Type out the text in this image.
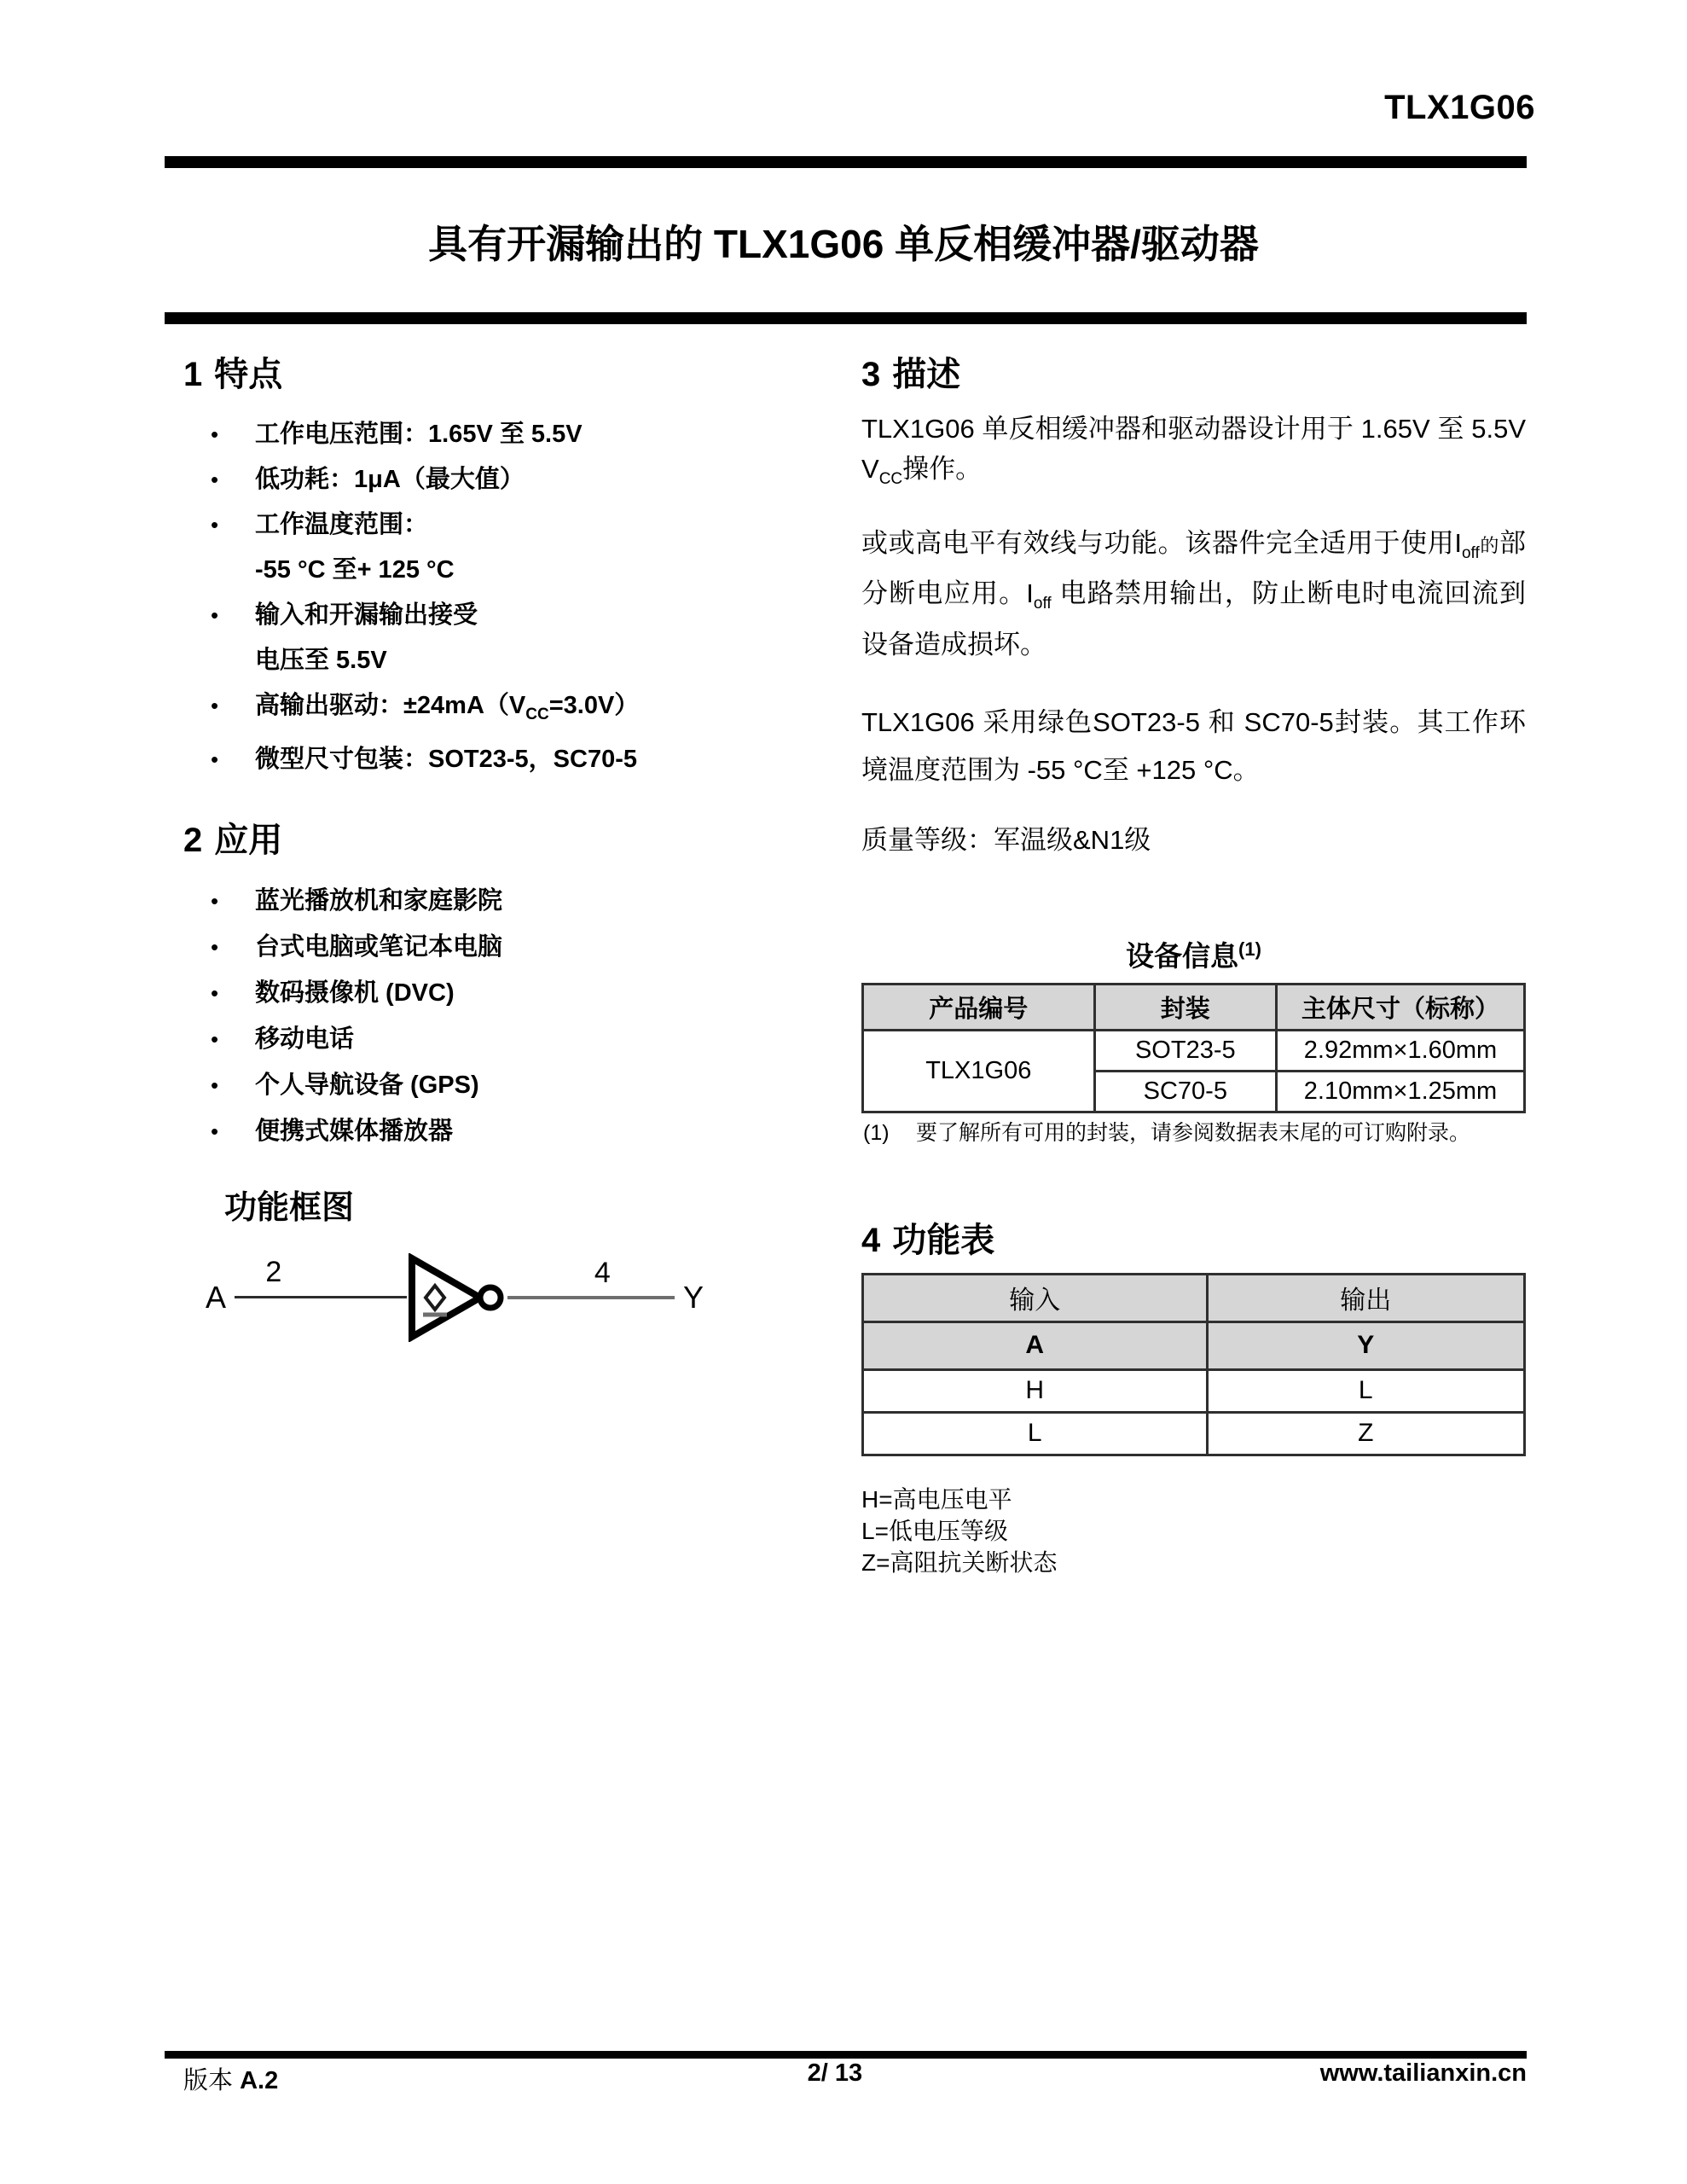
TLX1G06
具有开漏输出的 TLX1G06 单反相缓冲器/驱动器
1 特点
•	工作电压范围：1.65V 至 5.5V
•	低功耗：1μA（最大值）
•	工作温度范围：
-55 °C 至+ 125 °C
•	输入和开漏输出接受
电压至 5.5V
•	高输出驱动：$\pm 24mA(V_{CC}=3.0V)$
•	微型尺寸包装：SOT23-5，SC70-5
2 应用
•	蓝光播放机和家庭影院
•	台式电脑或笔记本电脑
•	数码摄像机 (DVC)
•	移动电话
•	个人导航设备 (GPS)
•	便携式媒体播放器
功能框图
A
2	4
Y
3 描述

TLX1G06 单反相缓冲器和驱动器设计用于 1.65V 至 5.5V $V_{CC}$操作。

或或高电平有效线与功能。该器件完全适用于使用$I_{off}$的部分断电应用。$I_{off}$ 电路禁用输出，防止断电时电流回流到设备造成损坏。

TLX1G06 采用绿色SOT23-5 和 SC70-5封装。其工作环境温度范围为 -55 °C至 +125 °C。

质量等级：军温级&N1级

设备信息$^{(1)}$
产品编号	封装	主体尺寸（标称）
TLX1G06	SOT23-5	2.92mm×1.60mm
	SC70-5	2.10mm×1.25mm
(1)	要了解所有可用的封装，请参阅数据表末尾的可订购附录。
4 功能表
输入	输出
A	Y
H	L
L	Z
H=高电压电平
L=低电压等级
Z=高阻抗关断状态
版本 A.2	2/ 13	www.tailianxin.cn
